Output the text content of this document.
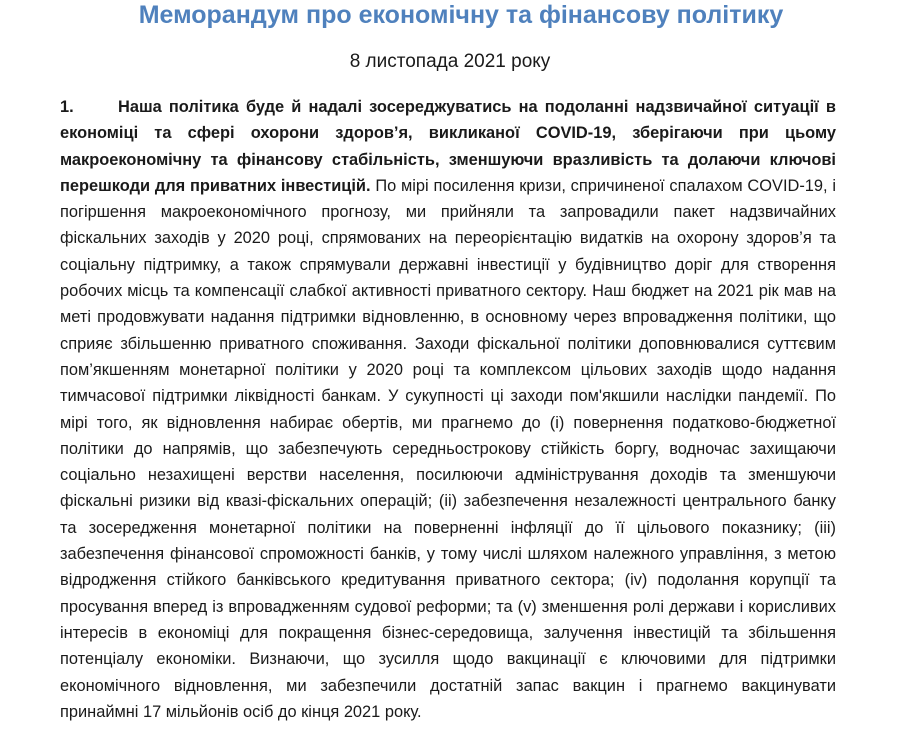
Меморандум про економічну та фінансову політику
8 листопада 2021 року

1.	Наша політика буде й надалі зосереджуватись на подоланні надзвичайної ситуації в економіці та сфері охорони здоров’я, викликаної COVID-19, зберігаючи при цьому макроекономічну та фінансову стабільність, зменшуючи вразливість та долаючи ключові перешкоди для приватних інвестицій. По мірі посилення кризи, спричиненої спалахом COVID-19, і погіршення макроекономічного прогнозу, ми прийняли та запровадили пакет надзвичайних фіскальних заходів у 2020 році, спрямованих на переорієнтацію видатків на охорону здоров’я та соціальну підтримку, а також спрямували державні інвестиції у будівництво доріг для створення робочих місць та компенсації слабкої активності приватного сектору. Наш бюджет на 2021 рік мав на меті продовжувати надання підтримки відновленню, в основному через впровадження політики, що сприяє збільшенню приватного споживання. Заходи фіскальної політики доповнювалися суттєвим пом’якшенням монетарної політики у 2020 році та комплексом цільових заходів щодо надання тимчасової підтримки ліквідності банкам. У сукупності ці заходи пом'якшили наслідки пандемії. По мірі того, як відновлення набирає обертів, ми прагнемо до (i) повернення податково-бюджетної політики до напрямів, що забезпечують середньострокову стійкість боргу, водночас захищаючи соціально незахищені верстви населення, посилюючи адміністрування доходів та зменшуючи фіскальні ризики від квазі-фіскальних операцій; (ii) забезпечення незалежності центрального банку та зосередження монетарної політики на поверненні інфляції до її цільового показнику; (iii) забезпечення фінансової спроможності банків, у тому числі шляхом належного управління, з метою відродження стійкого банківського кредитування приватного сектора; (iv) подолання корупції та просування вперед із впровадженням судової реформи; та (v) зменшення ролі держави і корисливих інтересів в економіці для покращення бізнес-середовища, залучення інвестицій та збільшення потенціалу економіки. Визнаючи, що зусилля щодо вакцинації є ключовими для підтримки економічного відновлення, ми забезпечили достатній запас вакцин і прагнемо вакцинувати принаймні 17 мільйонів осіб до кінця 2021 року.
